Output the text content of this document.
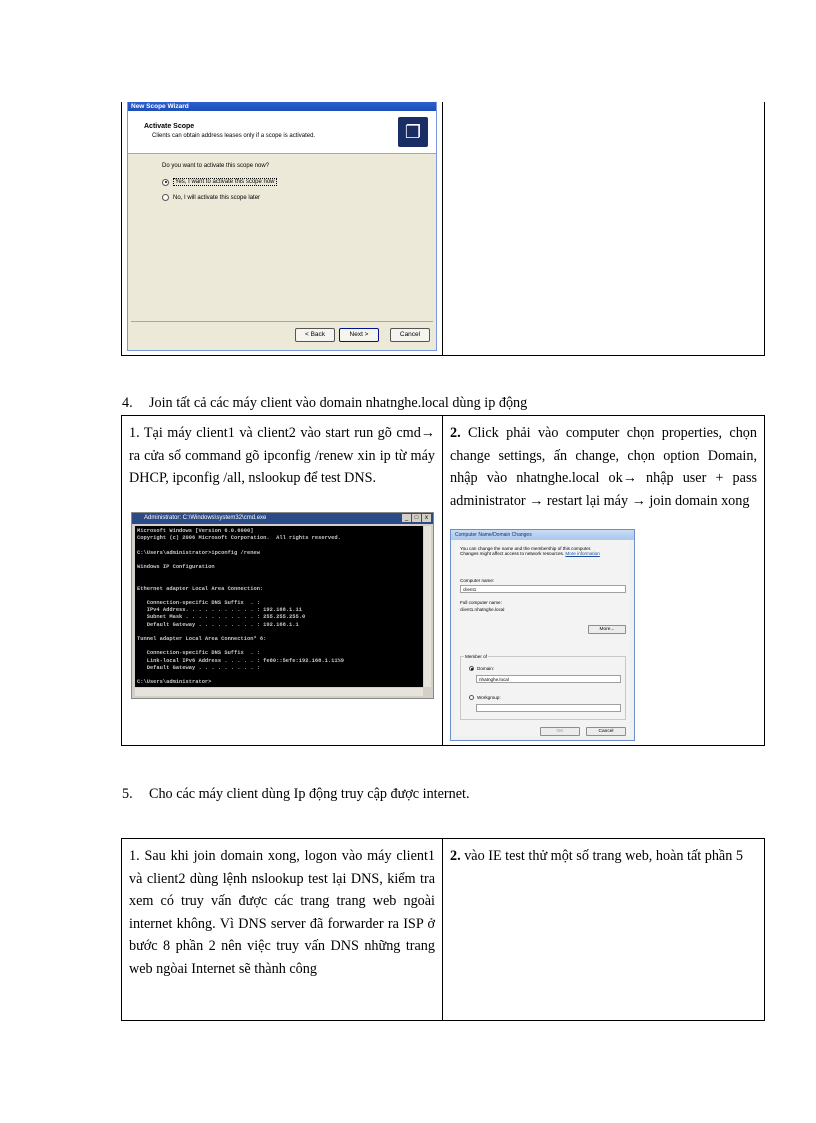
New Scope Wizard
Activate Scope
Clients can obtain address leases only if a scope is activated.	❐
Do you want to activate this scope now?
Yes, I want to activate this scope now
No, I will activate this scope later
< Back	Next >	Cancel
4. Join tất cả các máy client vào domain nhatnghe.local dùng ip động

1. Tại máy client1 và client2 vào start run gõ cmd→ ra cửa sổ command gõ ipconfig /renew xin ip từ máy DHCP, ipconfig /all, nslookup để test DNS.

Administrator: C:\Windows\system32\cmd.exe	_	□	x
Microsoft Windows [Version 6.0.6000]
Copyright (c) 2006 Microsoft Corporation.  All rights reserved.

C:\Users\administrator>ipconfig /renew

Windows IP Configuration

Ethernet adapter Local Area Connection:

Connection-specific DNS Suffix  . :
IPv4 Address. . . . . . . . . . . : 192.168.1.11
Subnet Mask . . . . . . . . . . . : 255.255.255.0
Default Gateway . . . . . . . . . : 192.168.1.1

Tunnel adapter Local Area Connection* 6:

Connection-specific DNS Suffix  . :
Link-local IPv6 Address . . . . . : fe80::5efe:192.168.1.11%9
Default Gateway . . . . . . . . . :

C:\Users\administrator>

2. Click phải vào computer chọn properties, chọn change settings, ấn change, chọn option Domain, nhập vào nhatnghe.local ok→ nhập user + pass administrator → restart lại máy → join domain xong

Computer Name/Domain Changes
You can change the name and the membership of this computer. Changes might affect access to network resources. More information
Computer name:
client1
Full computer name:
client1.nhatnghe.local
More...
Member of
Domain:
nhatnghe.local
Workgroup:
OK	Cancel
5. Cho các máy client dùng Ip động truy cập được internet.

1. Sau khi join domain xong, logon vào máy client1 và client2 dùng lệnh nslookup test lại DNS, kiểm tra xem có truy vấn được các trang trang web ngoài internet không. Vì DNS server đã forwarder ra ISP ở bước 8 phần 2 nên việc truy vấn DNS những trang web ngòai Internet sẽ thành công

2. vào IE test thử một số trang web, hoàn tất phần 5
